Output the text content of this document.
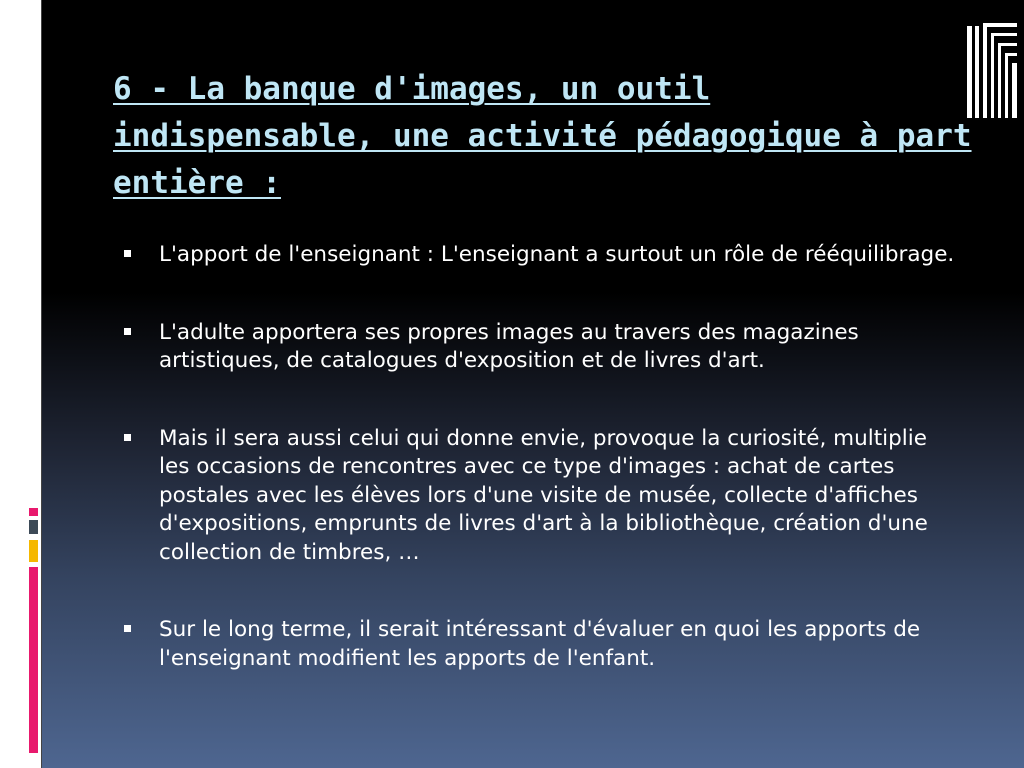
6 - La banque d'images, un outil indispensable, une activité pédagogique à part entière :
L'apport de l'enseignant : L'enseignant a surtout un rôle de rééquilibrage.
L'adulte apportera ses propres images au travers des magazines artistiques, de catalogues d'exposition et de livres d'art.
Mais il sera aussi celui qui donne envie, provoque la curiosité, multiplie les occasions de rencontres avec ce type d'images : achat de cartes postales avec les élèves lors d'une visite de musée, collecte d'affiches d'expositions, emprunts de livres d'art à la bibliothèque, création d'une collection de timbres, …
Sur le long terme, il serait intéressant d'évaluer en quoi les apports de l'enseignant modifient les apports de l'enfant.
